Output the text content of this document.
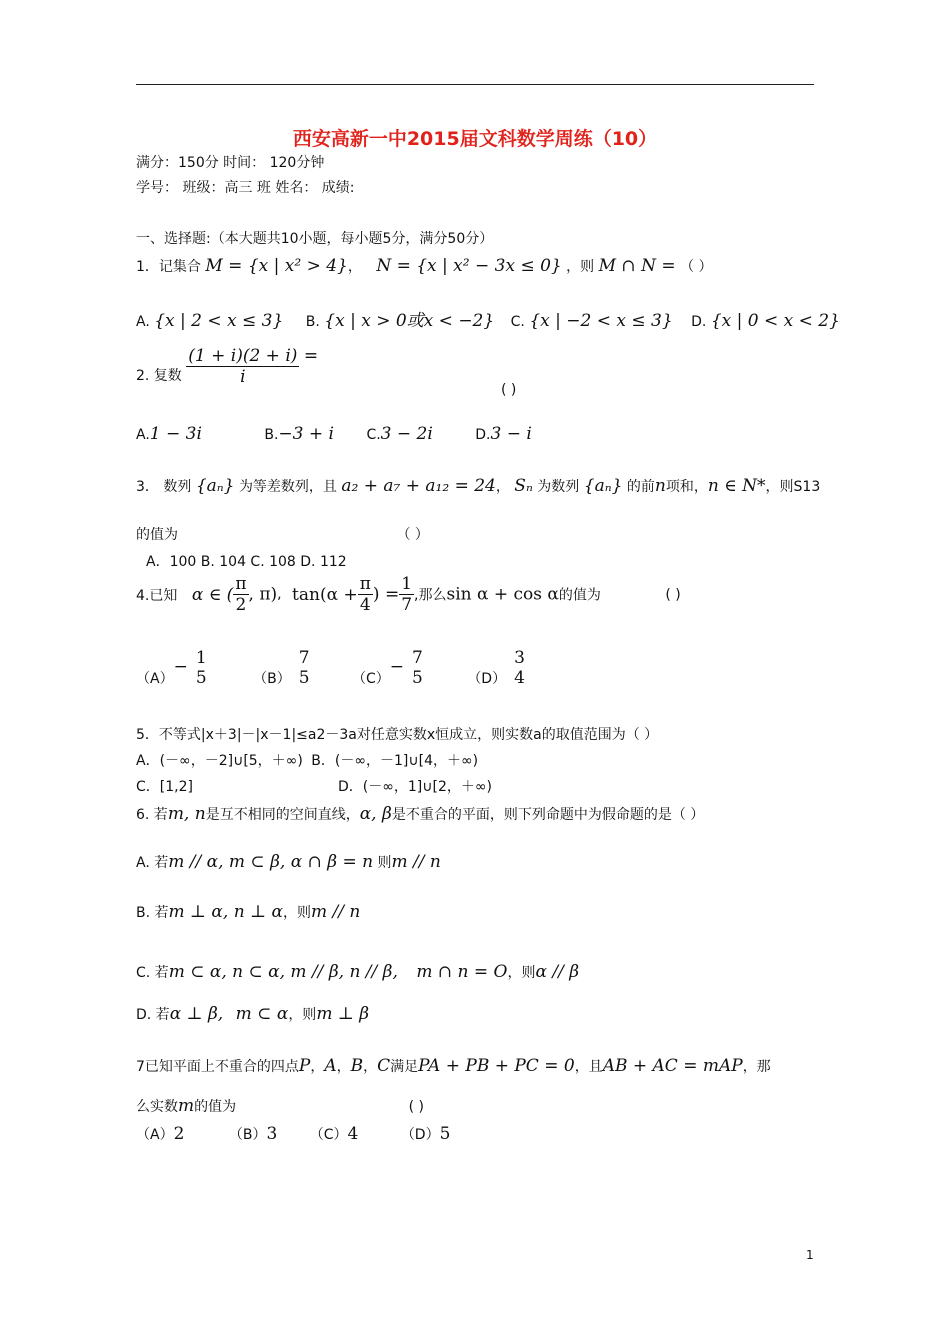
西安高新一中2015届文科数学周练（10）
满分：150分 时间： 120分钟
学号： 班级：高三 班 姓名： 成绩:
一、选择题:（本大题共10小题，每小题5分，满分50分）
1．记集合 M = {x | x² > 4}， N = {x | x² − 3x ≤ 0} ，则 M ∩ N = （ ）
A. {x | 2 < x ≤ 3} B. {x | x > 0或x < −2} C. {x | −2 < x ≤ 3} D. {x | 0 < x < 2}
2. 复数 $\frac{(1 + i)(2 + i)}{i}$ =
( )
A.1 − 3i	B.−3 + i C.3 − 2i	D.3 − i
3． 数列 {aₙ} 为等差数列，且 a₂ + a₇ + a₁₂ = 24， Sₙ 为数列 {aₙ} 的前n项和，n ∈ N*，则S13
的值为	（ ）
A．100 B. 104 C. 108 D. 112
4.已知 α ∈ ( $\frac{\pi}{2}$ , π), $\tan(\alpha + \frac{\pi}{4}$ ) = $\frac{1}{7}$ ,那么sin α + cos α的值为	( )
（A）− 1
5	（B）
7
5	（C）− 7
5	（D）
3
4
5．不等式|x＋3|－|x－1|≤a2－3a对任意实数x恒成立，则实数a的取值范围为（ ）
A．(－∞，－2]∪[5，＋∞) B．(－∞，－1]∪[4，＋∞)
C．[1,2]	D．(－∞，1]∪[2，＋∞)
6. 若m, n是互不相同的空间直线，α, β是不重合的平面，则下列命题中为假命题的是（ ）
A. 若m // α, m ⊂ β, α ∩ β = n 则m // n
B. 若m ⊥ α, n ⊥ α，则m // n
C. 若m ⊂ α, n ⊂ α, m // β, n // β, m ∩ n = O，则α // β
D. 若α ⊥ β, m ⊂ α，则m ⊥ β
7已知平面上不重合的四点P，A，B，C满足PA + PB + PC = 0，且AB + AC = mAP，那
么实数m的值为	( )
（A）2	（B）3 （C）4	（D）5
1
